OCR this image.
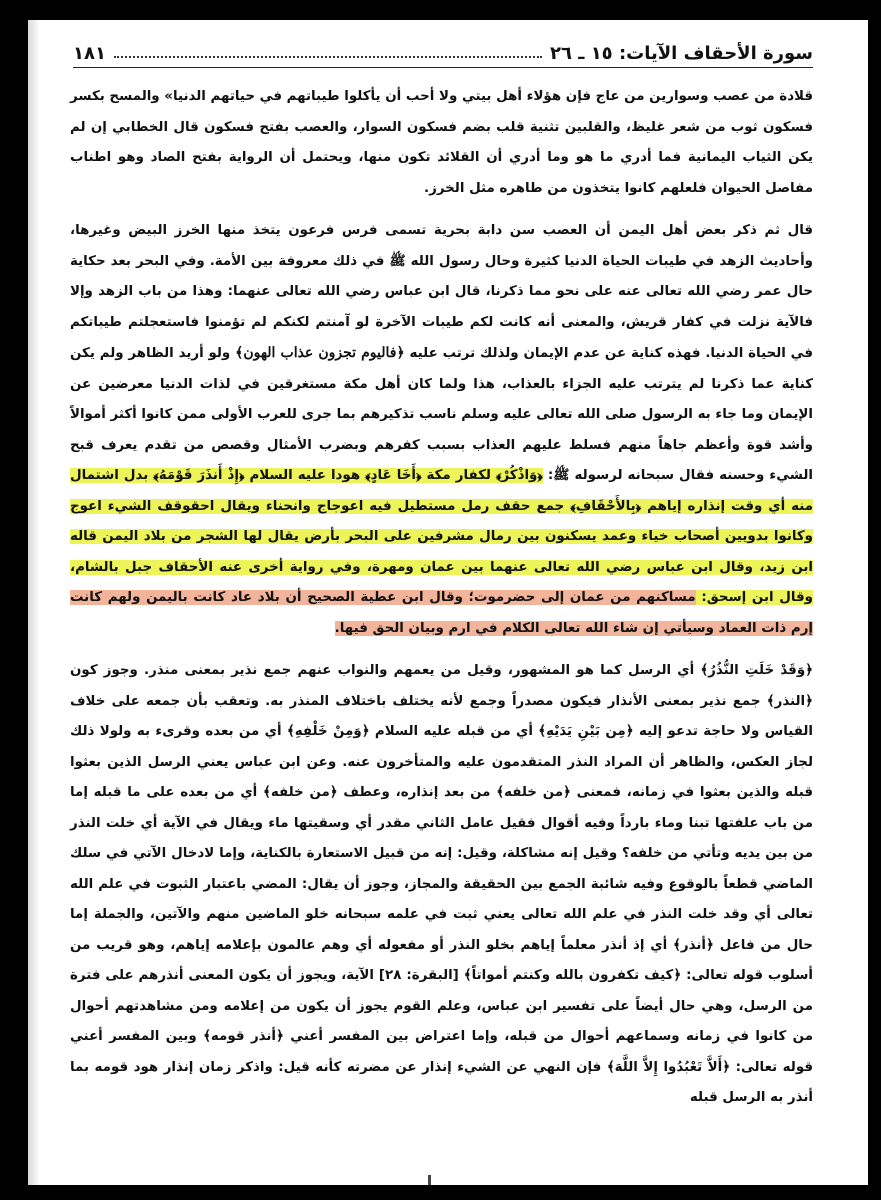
سورة الأحقاف الآيات: ١٥ ـ ٢٦
١٨١

قلادة من عصب وسوارين من عاج فإن هؤلاء أهل بيتي ولا أحب أن يأكلوا طيباتهم في حياتهم الدنيا» والمسح بكسر فسكون ثوب من شعر غليظ، والقلبين تثنية قلب بضم فسكون السوار، والعصب بفتح فسكون قال الخطابي إن لم يكن الثياب اليمانية فما أدري ما هو وما أدري أن القلائد تكون منها، ويحتمل أن الرواية بفتح الصاد وهو اطناب مفاصل الحيوان فلعلهم كانوا يتخذون من طاهره مثل الخرز.

قال ثم ذكر بعض أهل اليمن أن العصب سن دابة بحرية تسمى فرس فرعون يتخذ منها الخرز البيض وغيرها، وأحاديث الزهد في طيبات الحياة الدنيا كثيرة وحال رسول الله ﷺ في ذلك معروفة بين الأمة. وفي البحر بعد حكاية حال عمر رضي الله تعالى عنه على نحو مما ذكرنا، قال ابن عباس رضي الله تعالى عنهما: وهذا من باب الزهد وإلا فالآية نزلت في كفار قريش، والمعنى أنه كانت لكم طيبات الآخرة لو آمنتم لكنكم لم تؤمنوا فاستعجلتم طيباتكم في الحياة الدنيا. فهذه كناية عن عدم الإيمان ولذلك ترتب عليه ﴿فاليوم تجزون عذاب الهون﴾ ولو أريد الظاهر ولم يكن كناية عما ذكرنا لم يترتب عليه الجزاء بالعذاب، هذا ولما كان أهل مكة مستغرقين في لذات الدنيا معرضين عن الإيمان وما جاء به الرسول صلى الله تعالى عليه وسلم ناسب تذكيرهم بما جرى للعرب الأولى ممن كانوا أكثر أموالاً وأشد قوة وأعظم جاهاً منهم فسلط عليهم العذاب بسبب كفرهم وبضرب الأمثال وقصص من تقدم يعرف قبح الشيء وحسنه فقال سبحانه لرسوله ﷺ: ﴿وَاذْكُرْ﴾ لكفار مكة ﴿أَخَا عَادٍ﴾ هودا عليه السلام ﴿إِذْ أَنذَرَ قَوْمَهُ﴾ بدل اشتمال منه أي وقت إنذاره إياهم ﴿بِالأَحْقَافِ﴾ جمع حقف رمل مستطيل فيه اعوجاج وانحناء ويقال احقوقف الشيء اعوج وكانوا بدويين أصحاب خياء وعمد يسكنون بين رمال مشرفين على البحر بأرض يقال لها الشجر من بلاد اليمن قاله ابن زيد، وقال ابن عباس رضي الله تعالى عنهما بين عمان ومهرة، وفي رواية أخرى عنه الأحقاف جبل بالشام، وقال ابن إسحق: مساكنهم من عمان إلى حضرموت؛ وقال ابن عطية الصحيح أن بلاد عاد كانت باليمن ولهم كانت إرم ذات العماد وسيأتي إن شاء الله تعالى الكلام في ارم وبيان الحق فيها.

﴿وَقَدْ خَلَتِ النُّذُرُ﴾ أي الرسل كما هو المشهور، وقيل من يعمهم والنواب عنهم جمع نذير بمعنى منذر. وجوز كون ﴿النذر﴾ جمع نذير بمعنى الأنذار فيكون مصدراً وجمع لأنه يختلف باختلاف المنذر به. وتعقب بأن جمعه على خلاف القياس ولا حاجة تدعو إليه ﴿مِن بَيْنِ يَدَيْهِ﴾ أي من قبله عليه السلام ﴿وَمِنْ خَلْفِهِ﴾ أي من بعده وقرىء به ولولا ذلك لجاز العكس، والظاهر أن المراد النذر المتقدمون عليه والمتأخرون عنه. وعن ابن عباس يعني الرسل الذين بعثوا قبله والذين بعثوا في زمانه، فمعنى ﴿من خلفه﴾ من بعد إنذاره، وعطف ﴿من خلفه﴾ أي من بعده على ما قبله إما من باب علفتها تبنا وماء بارداً وفيه أقوال فقيل عامل الثاني مقدر أي وسقيتها ماء ويقال في الآية أي خلت النذر من بين يديه وتأتي من خلفه؟ وقيل إنه مشاكلة، وقيل: إنه من قبيل الاستعارة بالكناية، وإما لادخال الآتي في سلك الماضي قطعاً بالوقوع وفيه شائبة الجمع بين الحقيقة والمجاز، وجوز أن يقال: المضي باعتبار الثبوت في علم الله تعالى أي وقد خلت النذر في علم الله تعالى يعني ثبت في علمه سبحانه خلو الماضين منهم والآتين، والجملة إما حال من فاعل ﴿أنذر﴾ أي إذ أنذر معلماً إياهم بخلو النذر أو مفعوله أي وهم عالمون بإعلامه إياهم، وهو قريب من أسلوب قوله تعالى: ﴿كيف تكفرون بالله وكنتم أمواتاً﴾ [البقرة: ٢٨] الآية، ويجوز أن يكون المعنى أنذرهم على فترة من الرسل، وهي حال أيضاً على تفسير ابن عباس، وعلم القوم يجوز أن يكون من إعلامه ومن مشاهدتهم أحوال من كانوا في زمانه وسماعهم أحوال من قبله، وإما اعتراض بين المفسر أعني ﴿أنذر قومه﴾ وبين المفسر أعني قوله تعالى: ﴿أَلاَّ تَعْبُدُوا إِلاَّ اللَّهَ﴾ فإن النهي عن الشيء إنذار عن مضرته كأنه قيل: واذكر زمان إنذار هود قومه بما أنذر به الرسل قبله
